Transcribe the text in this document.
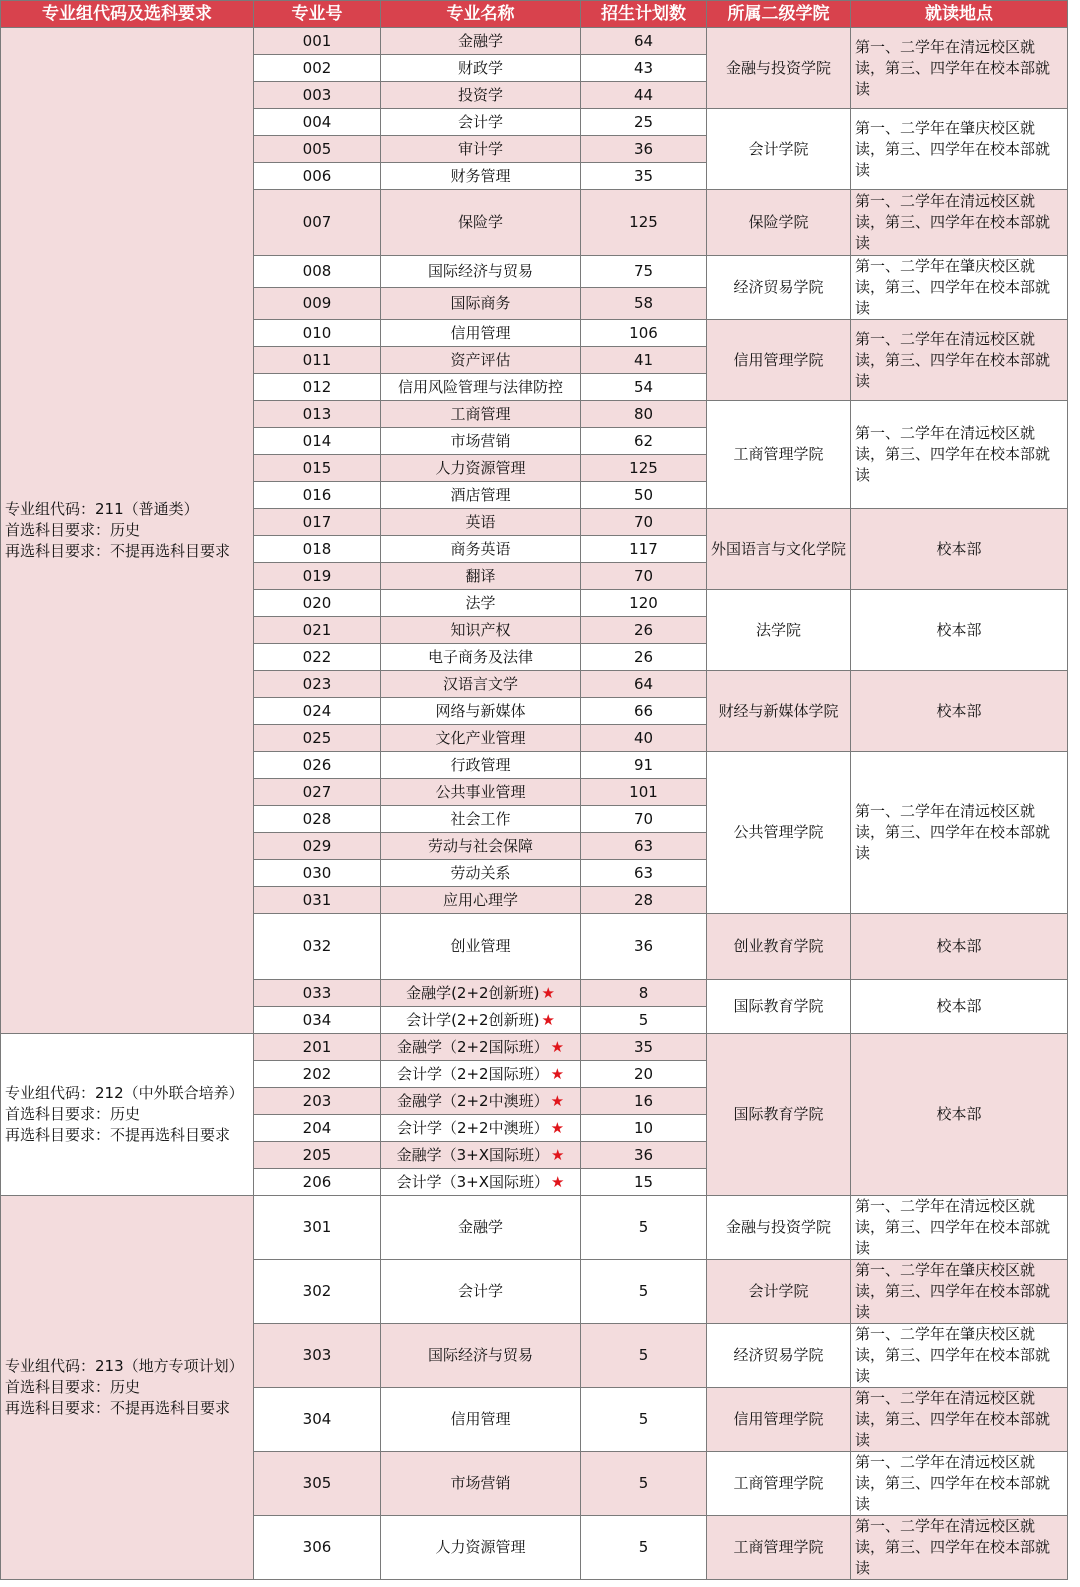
专业组代码及选科要求	专业号	专业名称	招生计划数	所属二级学院	就读地点

专业组代码：211（普通类）
首选科目要求：历史
再选科目要求：不提再选科目要求	001	金融学	64	金融与投资学院	第一、二学年在清远校区就读，第三、四学年在校本部就读
	002	财政学	43		
	003	投资学	44		
	004	会计学	25	会计学院	第一、二学年在肇庆校区就读，第三、四学年在校本部就读
	005	审计学	36		
	006	财务管理	35		
	007	保险学	125	保险学院	第一、二学年在清远校区就读，第三、四学年在校本部就读
	008	国际经济与贸易	75	经济贸易学院	第一、二学年在肇庆校区就读，第三、四学年在校本部就读
	009	国际商务	58		
	010	信用管理	106	信用管理学院	第一、二学年在清远校区就读，第三、四学年在校本部就读
	011	资产评估	41		
	012	信用风险管理与法律防控	54		
	013	工商管理	80	工商管理学院	第一、二学年在清远校区就读，第三、四学年在校本部就读
	014	市场营销	62		
	015	人力资源管理	125		
	016	酒店管理	50		
	017	英语	70	外国语言与文化学院	校本部
	018	商务英语	117		
	019	翻译	70		
	020	法学	120	法学院	校本部
	021	知识产权	26		
	022	电子商务及法律	26		
	023	汉语言文学	64	财经与新媒体学院	校本部
	024	网络与新媒体	66		
	025	文化产业管理	40		
	026	行政管理	91	公共管理学院	第一、二学年在清远校区就读，第三、四学年在校本部就读
	027	公共事业管理	101		
	028	社会工作	70		
	029	劳动与社会保障	63		
	030	劳动关系	63		
	031	应用心理学	28		
	032	创业管理	36	创业教育学院	校本部
	033	金融学(2+2创新班) ★	8	国际教育学院	校本部
	034	会计学(2+2创新班) ★	5		

专业组代码：212（中外联合培养）
首选科目要求：历史
再选科目要求：不提再选科目要求	201	金融学（2+2国际班） ★	35	国际教育学院	校本部
	202	会计学（2+2国际班） ★	20		
	203	金融学（2+2中澳班） ★	16		
	204	会计学（2+2中澳班） ★	10		
	205	金融学（3+X国际班） ★	36		
	206	会计学（3+X国际班） ★	15		

专业组代码：213（地方专项计划）
首选科目要求：历史
再选科目要求：不提再选科目要求	301	金融学	5	金融与投资学院	第一、二学年在清远校区就读，第三、四学年在校本部就读
	302	会计学	5	会计学院	第一、二学年在肇庆校区就读，第三、四学年在校本部就读
	303	国际经济与贸易	5	经济贸易学院	第一、二学年在肇庆校区就读，第三、四学年在校本部就读
	304	信用管理	5	信用管理学院	第一、二学年在清远校区就读，第三、四学年在校本部就读
	305	市场营销	5	工商管理学院	第一、二学年在清远校区就读，第三、四学年在校本部就读
	306	人力资源管理	5	工商管理学院	第一、二学年在清远校区就读，第三、四学年在校本部就读
